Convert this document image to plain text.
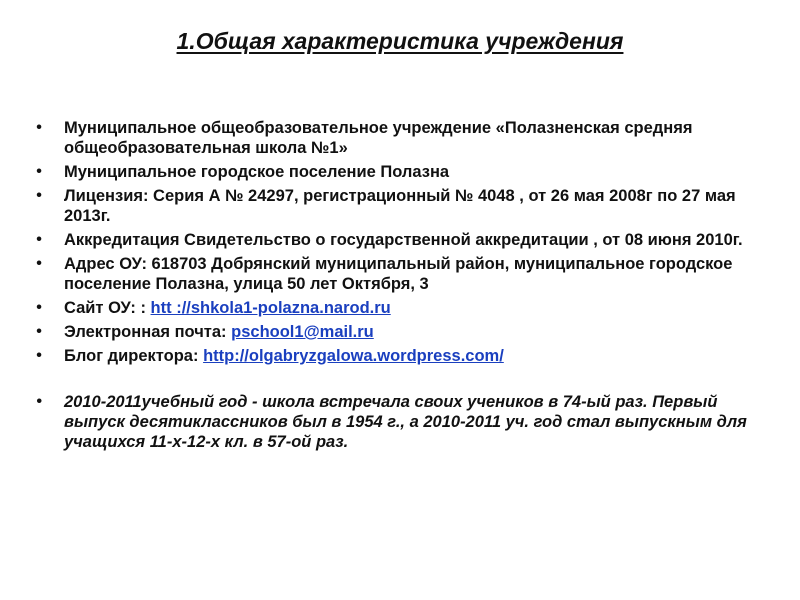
1.Общая характеристика учреждения
• Муниципальное общеобразовательное учреждение «Полазненская средняя общеобразовательная школа №1»
• Муниципальное городское поселение Полазна
• Лицензия: Серия А № 24297, регистрационный № 4048 , от 26 мая 2008г по 27 мая 2013г.
• Аккредитация Свидетельство о государственной аккредитации , от 08 июня 2010г.
• Адрес ОУ: 618703 Добрянский муниципальный район, муниципальное городское поселение Полазна, улица 50 лет Октября, 3
• Сайт ОУ: : htt ://shkola1-polazna.narod.ru
• Электронная почта: pschool1@mail.ru
• Блог директора: http://olgabryzgalowa.wordpress.com/
• 2010-2011учебный год - школа встречала своих учеников в 74-ый раз. Первый выпуск десятиклассников был в 1954 г., а 2010-2011 уч. год стал выпускным для учащихся 11-х-12-х кл. в 57-ой раз.
